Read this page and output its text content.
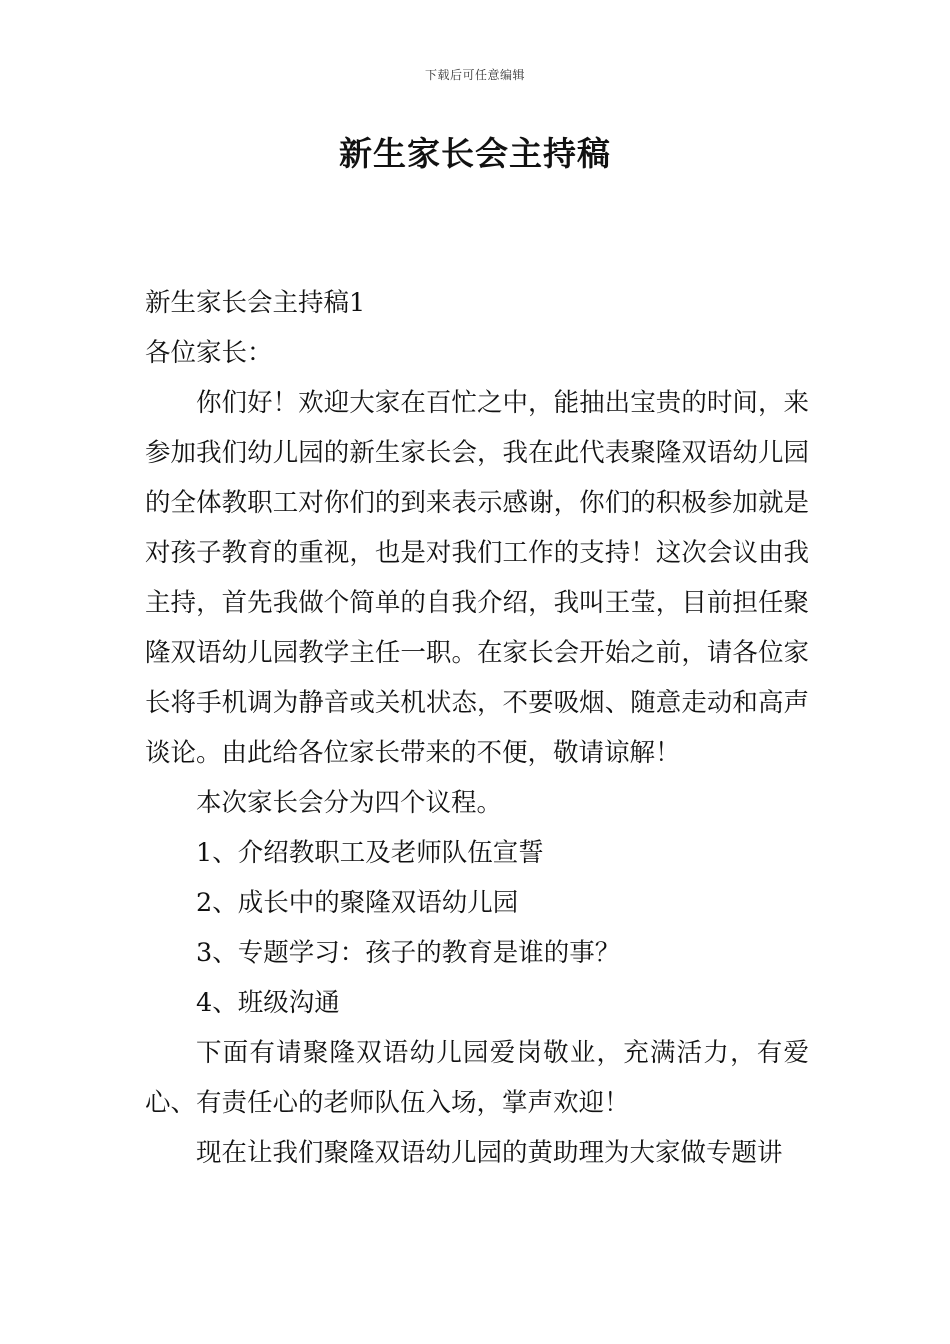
下载后可任意编辑
新生家长会主持稿

新生家长会主持稿1

各位家长：

你们好！欢迎大家在百忙之中，能抽出宝贵的时间，来参加我们幼儿园的新生家长会，我在此代表聚隆双语幼儿园的全体教职工对你们的到来表示感谢，你们的积极参加就是对孩子教育的重视，也是对我们工作的支持！这次会议由我主持，首先我做个简单的自我介绍，我叫王莹，目前担任聚隆双语幼儿园教学主任一职。在家长会开始之前，请各位家长将手机调为静音或关机状态，不要吸烟、随意走动和高声谈论。由此给各位家长带来的不便，敬请谅解！

本次家长会分为四个议程。

1、介绍教职工及老师队伍宣誓

2、成长中的聚隆双语幼儿园

3、专题学习：孩子的教育是谁的事？

4、班级沟通

下面有请聚隆双语幼儿园爱岗敬业，充满活力，有爱心、有责任心的老师队伍入场，掌声欢迎！

现在让我们聚隆双语幼儿园的黄助理为大家做专题讲
